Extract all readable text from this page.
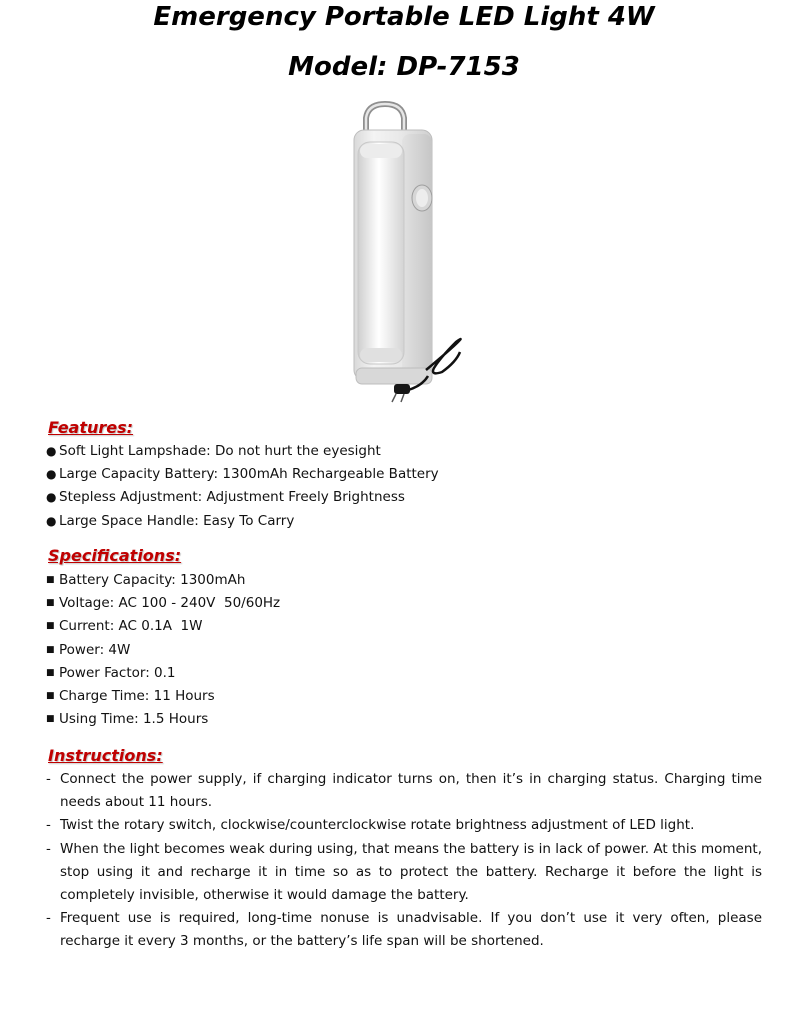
Emergency Portable LED Light 4W
Model: DP-7153
Features:
● Soft Light Lampshade: Do not hurt the eyesight
● Large Capacity Battery: 1300mAh Rechargeable Battery
● Stepless Adjustment: Adjustment Freely Brightness
● Large Space Handle: Easy To Carry
Specifications:
■ Battery Capacity: 1300mAh
■ Voltage: AC 100 - 240V  50/60Hz
■ Current: AC 0.1A  1W
■ Power: 4W
■ Power Factor: 0.1
■ Charge Time: 11 Hours
■ Using Time: 1.5 Hours
Instructions:
- Connect the power supply, if charging indicator turns on, then it’s in charging status. Charging time needs about 11 hours.
- Twist the rotary switch, clockwise/counterclockwise rotate brightness adjustment of LED light.
- When the light becomes weak during using, that means the battery is in lack of power. At this moment, stop using it and recharge it in time so as to protect the battery. Recharge it before the light is completely invisible, otherwise it would damage the battery.
- Frequent use is required, long-time nonuse is unadvisable. If you don’t use it very often, please recharge it every 3 months, or the battery’s life span will be shortened.
